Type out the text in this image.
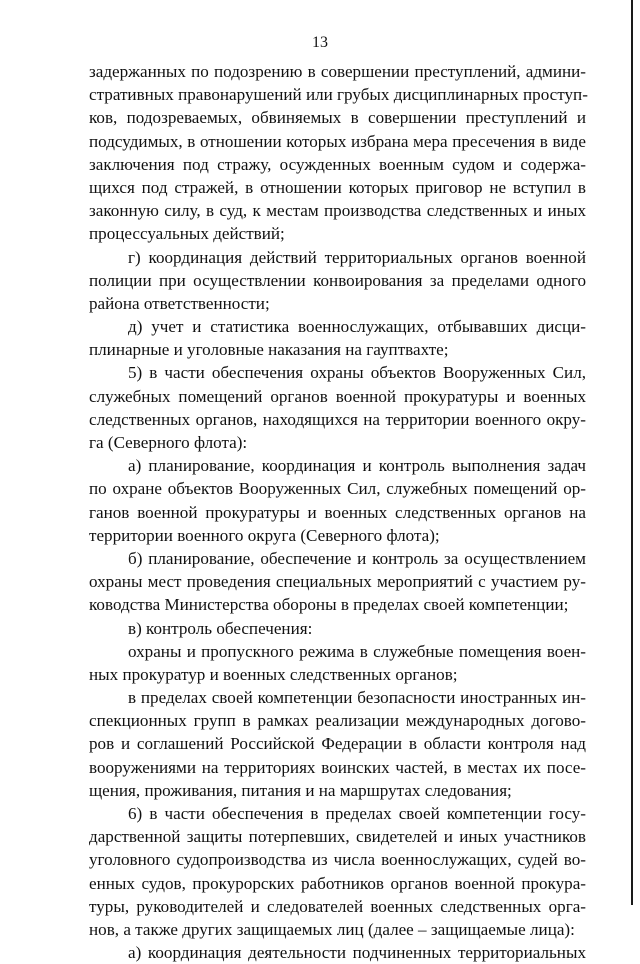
13
задержанных по подозрению в совершении преступлений, админи-
стративных правонарушений или грубых дисциплинарных проступ-
ков, подозреваемых, обвиняемых в совершении преступлений и
подсудимых, в отношении которых избрана мера пресечения в виде
заключения под стражу, осужденных военным судом и содержа-
щихся под стражей, в отношении которых приговор не вступил в
законную силу, в суд, к местам производства следственных и иных
процессуальных действий;
г) координация действий территориальных органов военной
полиции при осуществлении конвоирования за пределами одного
района ответственности;
д) учет и статистика военнослужащих, отбывавших дисци-
плинарные и уголовные наказания на гауптвахте;
5) в части обеспечения охраны объектов Вооруженных Сил,
служебных помещений органов военной прокуратуры и военных
следственных органов, находящихся на территории военного окру-
га (Северного флота):
а) планирование, координация и контроль выполнения задач
по охране объектов Вооруженных Сил, служебных помещений ор-
ганов военной прокуратуры и военных следственных органов на
территории военного округа (Северного флота);
б) планирование, обеспечение и контроль за осуществлением
охраны мест проведения специальных мероприятий с участием ру-
ководства Министерства обороны в пределах своей компетенции;
в) контроль обеспечения:
охраны и пропускного режима в служебные помещения воен-
ных прокуратур и военных следственных органов;
в пределах своей компетенции безопасности иностранных ин-
спекционных групп в рамках реализации международных догово-
ров и соглашений Российской Федерации в области контроля над
вооружениями на территориях воинских частей, в местах их посе-
щения, проживания, питания и на маршрутах следования;
6) в части обеспечения в пределах своей компетенции госу-
дарственной защиты потерпевших, свидетелей и иных участников
уголовного судопроизводства из числа военнослужащих, судей во-
енных судов, прокурорских работников органов военной прокура-
туры, руководителей и следователей военных следственных орга-
нов, а также других защищаемых лиц (далее – защищаемые лица):
а) координация деятельности подчиненных территориальных
